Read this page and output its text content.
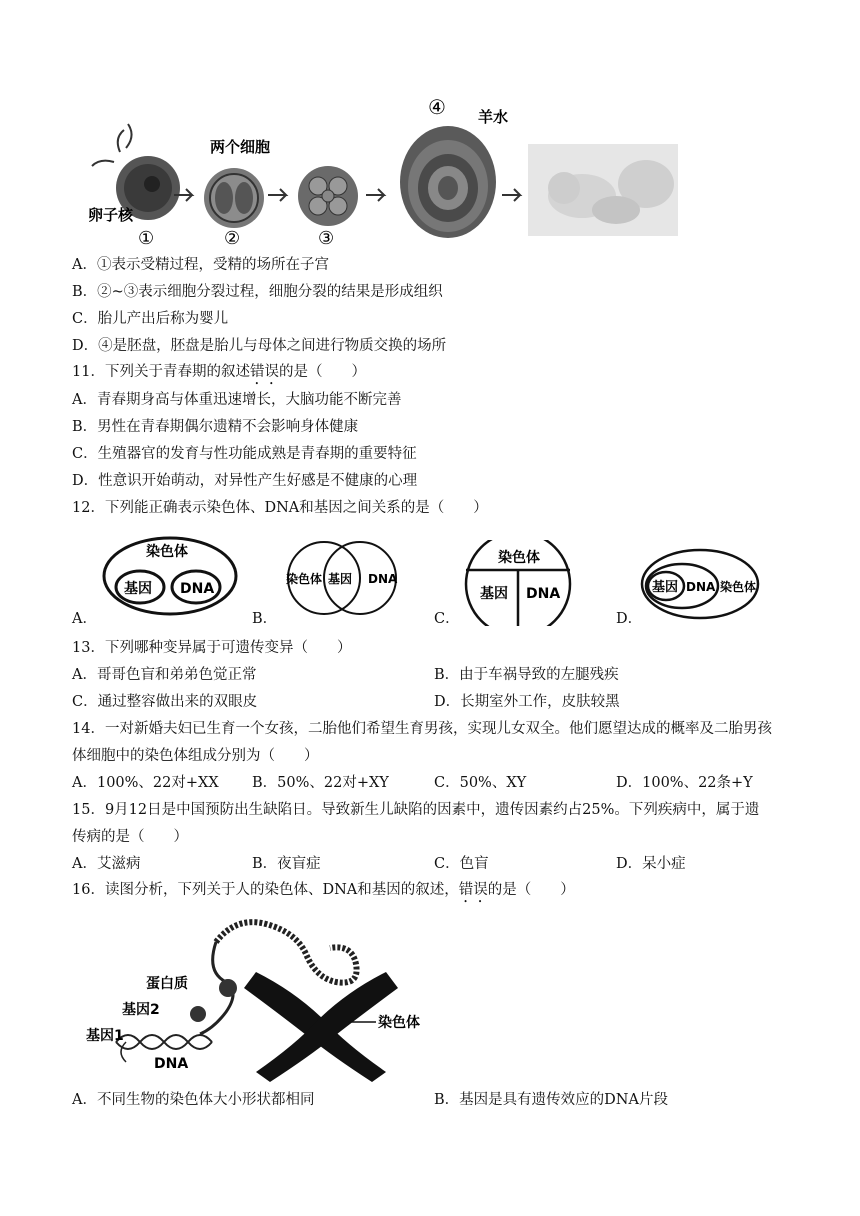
卵子核
①
两个细胞
②	③
④ 羊水
A．①表示受精过程，受精的场所在子宫
B．②~③表示细胞分裂过程，细胞分裂的结果是形成组织
C．胎儿产出后称为婴儿
D．④是胚盘，胚盘是胎儿与母体之间进行物质交换的场所
11．下列关于青春期的叙述错误的是（　　）
A．青春期身高与体重迅速增长，大脑功能不断完善
B．男性在青春期偶尔遗精不会影响身体健康
C．生殖器官的发育与性功能成熟是青春期的重要特征
D．性意识开始萌动，对异性产生好感是不健康的心理
12．下列能正确表示染色体、DNA和基因之间关系的是（　　）
染色体
基因 DNA
染色体 基因 DNA
染色体
基因 DNA	基因 DNA 染色体
A．	B．	C．	D．
13．下列哪种变异属于可遗传变异（　　）
A．哥哥色盲和弟弟色觉正常	B．由于车祸导致的左腿残疾
C．通过整容做出来的双眼皮	D．长期室外工作，皮肤较黑
14．一对新婚夫妇已生育一个女孩，二胎他们希望生育男孩，实现儿女双全。他们愿望达成的概率及二胎男孩
体细胞中的染色体组成分别为（　　）
A．100%、22对+XX B．50%、22对+XY	C．50%、XY	D．100%、22条+Y
15．9月12日是中国预防出生缺陷日。导致新生儿缺陷的因素中，遗传因素约占25%。下列疾病中，属于遗
传病的是（　　）
A．艾滋病	B．夜盲症	C．色盲	D．呆小症
16．读图分析，下列关于人的染色体、DNA和基因的叙述，错误的是（　　）
基因1
基因2
蛋白质
DNA
染色体
A．不同生物的染色体大小形状都相同	B．基因是具有遗传效应的DNA片段
